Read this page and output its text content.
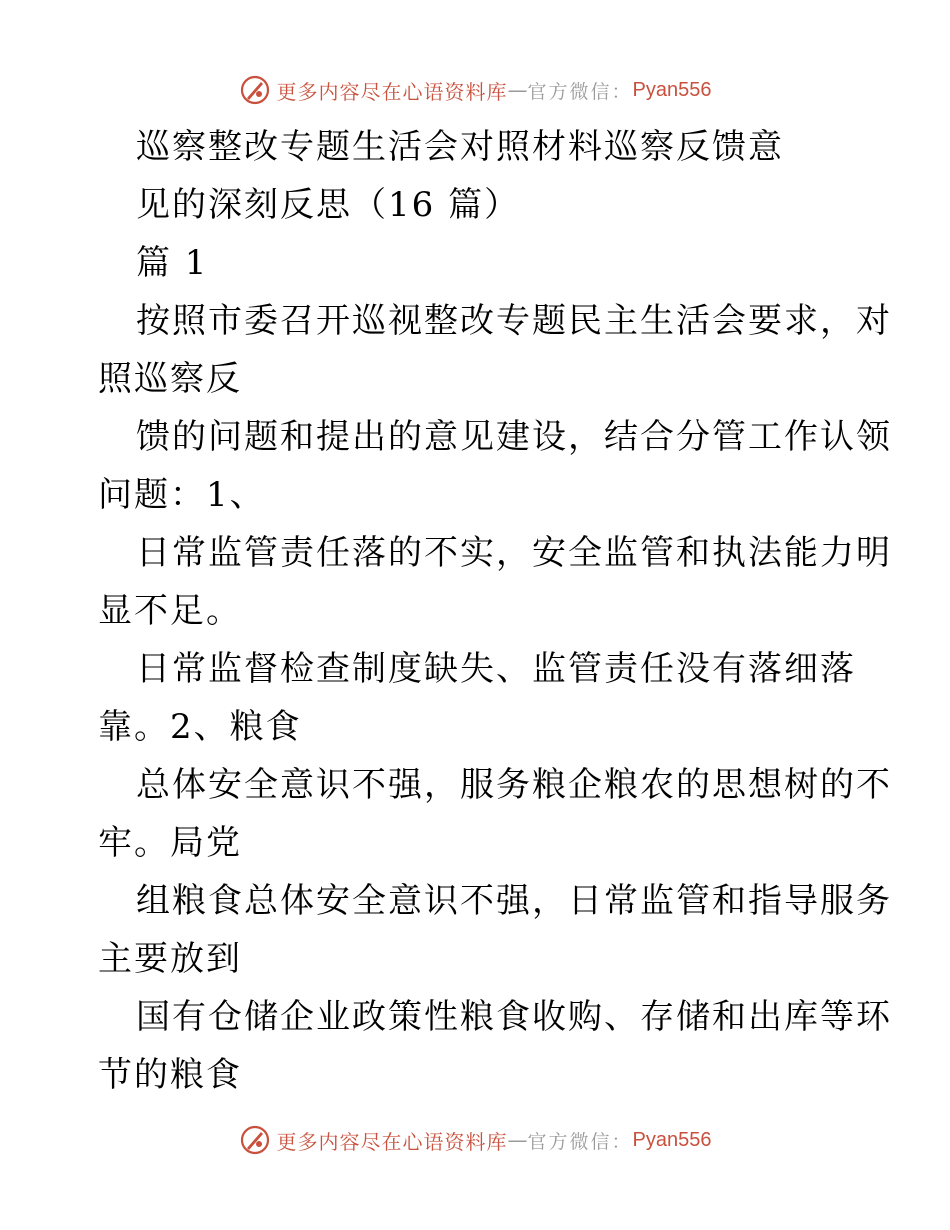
更多内容尽在心语资料库 — 官方微信： Pyan556
巡察整改专题生活会对照材料巡察反馈意
见的深刻反思（16 篇）
篇 1
按照市委召开巡视整改专题民主生活会要求，对
照巡察反
馈的问题和提出的意见建设，结合分管工作认领
问题：1、
日常监管责任落的不实，安全监管和执法能力明
显不足。
日常监督检查制度缺失、监管责任没有落细落
靠。2、粮食
总体安全意识不强，服务粮企粮农的思想树的不
牢。局党
组粮食总体安全意识不强，日常监管和指导服务
主要放到
国有仓储企业政策性粮食收购、存储和出库等环
节的粮食
更多内容尽在心语资料库 — 官方微信： Pyan556
